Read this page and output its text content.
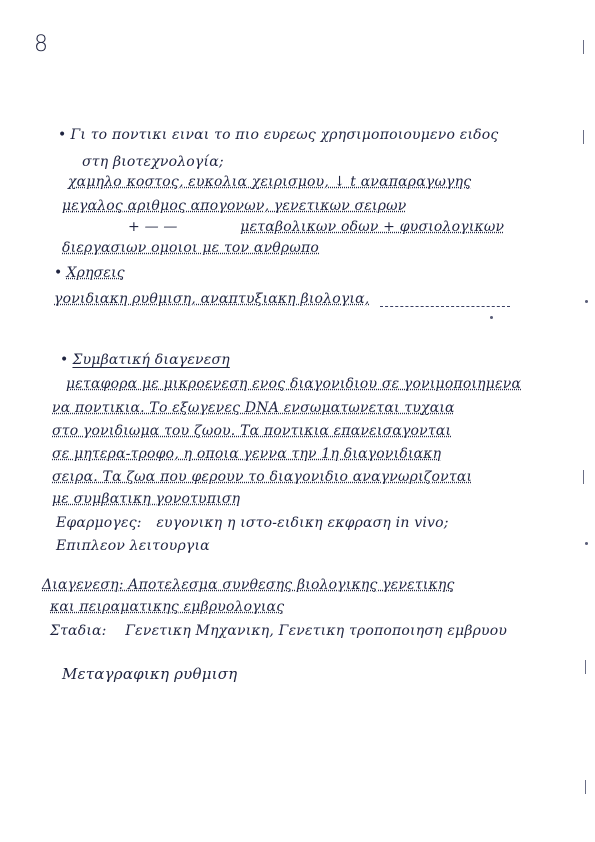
8
• Γι το ποντικι ειναι το πιο ευρεως χρησιμοποιουμενο ειδος
στη βιοτεχνολογία;
χαμηλο κοστος, ευκολια χειρισμου, ↓ t αναπαραγωγης
μεγαλος αριθμος απογονων, γενετικων σειρων
+ — —	μεταβολικων οδων + φυσιολογικων
διεργασιων ομοιοι με τον ανθρωπο
• Χρησεις
γονιδιακη ρυθμιση, αναπτυξιακη βιολογια,
• Συμβατική διαγενεση
μεταφορα με μικροενεση ενος διαγονιδιου σε γονιμοποιημενα
να ποντικια. Το εξωγενες DNA ενσωματωνεται τυχαια
στο γονιδιωμα του ζωου. Τα ποντικια επανεισαγονται
σε μητερα-τροφο, η οποια γεννα την 1η διαγονιδιακη
σειρα. Τα ζωα που φερουν το διαγονιδιο αναγνωριζονται
με συμβατικη γονοτυπιση
Εφαρμογες: ευγονικη η ιστο-ειδικη εκφραση in vivo;
Επιπλεον λειτουργια
Διαγενεση: Αποτελεσμα συνθεσης βιολογικης γενετικης
και πειραματικης εμβρυολογιας
Σταδια: Γενετικη Μηχανικη, Γενετικη τροποποιηση εμβρυου
Μεταγραφικη ρυθμιση
